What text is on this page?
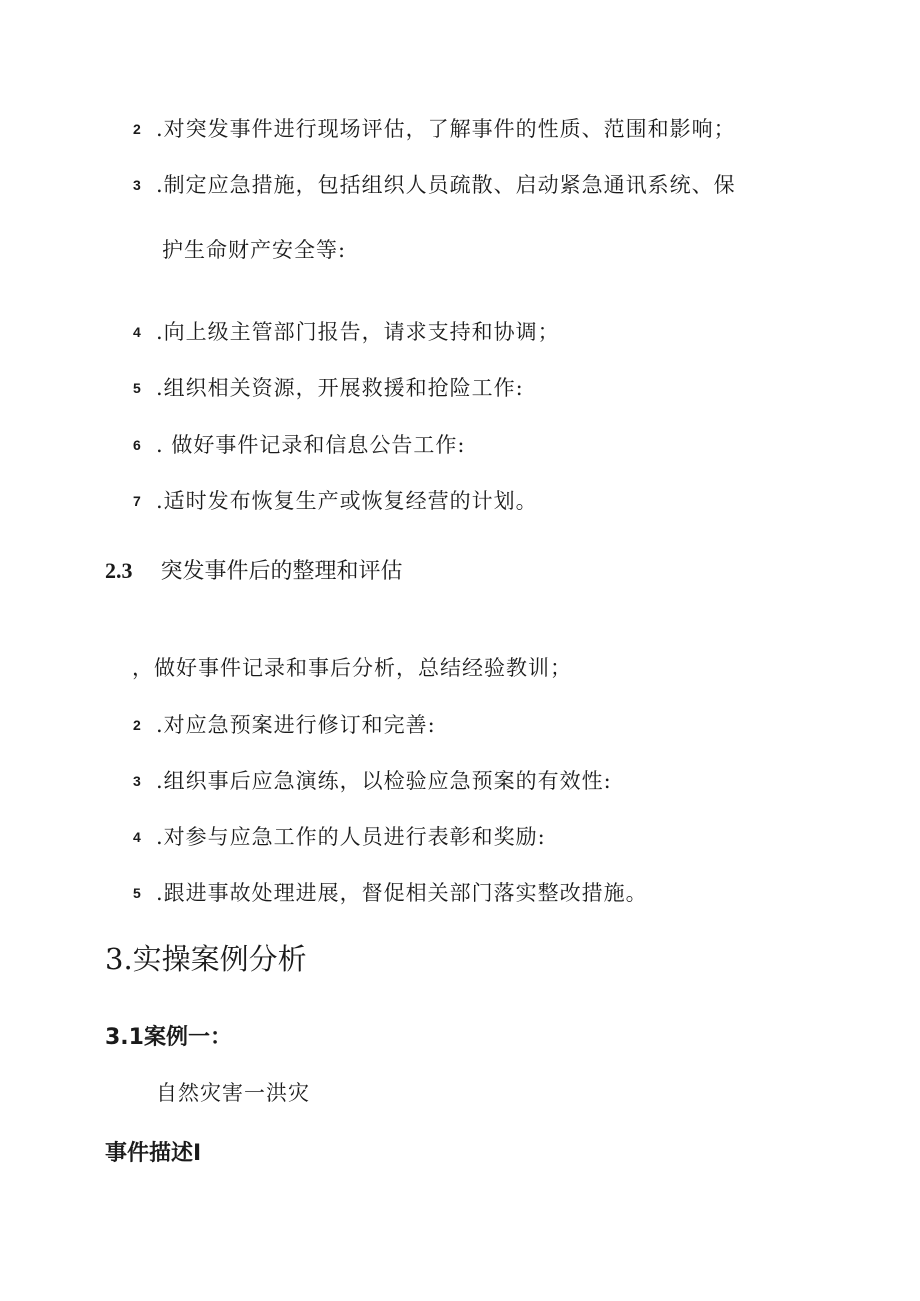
2 .对突发事件进行现场评估，了解事件的性质、范围和影响；
3 .制定应急措施，包括组织人员疏散、启动紧急通讯系统、保
护生命财产安全等:
4 .向上级主管部门报告，请求支持和协调；
5 .组织相关资源，开展救援和抢险工作:
6 . 做好事件记录和信息公告工作:
7 .适时发布恢复生产或恢复经营的计划。
2.3 突发事件后的整理和评估
，做好事件记录和事后分析，总结经验教训；
2 .对应急预案进行修订和完善:
3 .组织事后应急演练，以检验应急预案的有效性:
4 .对参与应急工作的人员进行表彰和奖励:
5 .跟进事故处理进展，督促相关部门落实整改措施。
3.实操案例分析
3.1案例一：
自然灾害一洪灾
事件描述I
